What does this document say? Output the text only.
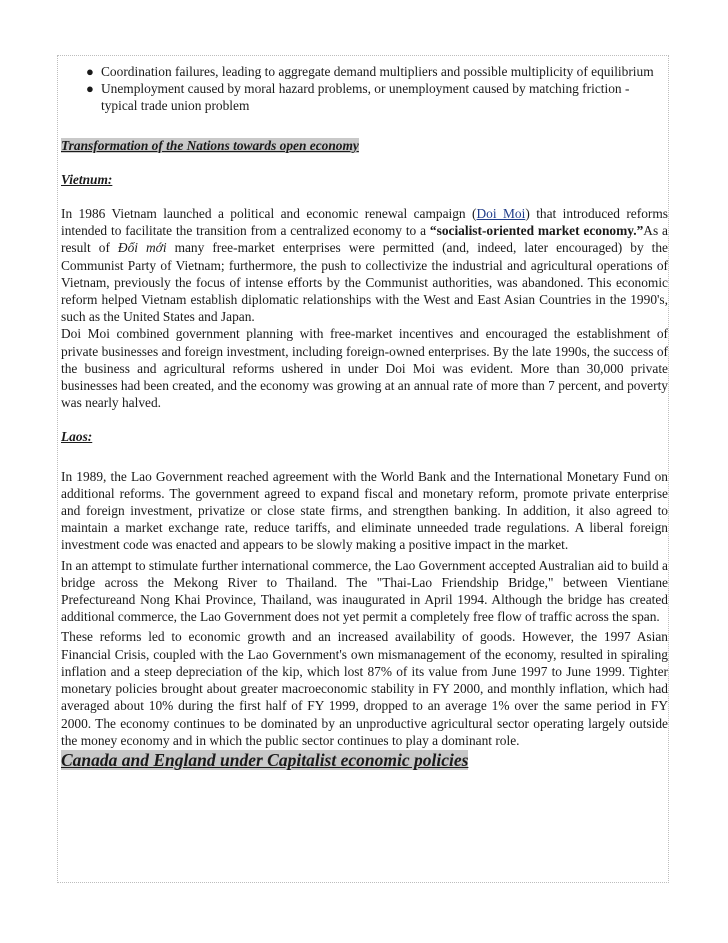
● Coordination failures, leading to aggregate demand multipliers and possible multiplicity of equilibrium
● Unemployment caused by moral hazard problems, or unemployment caused by matching friction - typical trade union problem

Transformation of the Nations towards open economy

Vietnum:

In 1986 Vietnam launched a political and economic renewal campaign (Doi Moi) that introduced reforms intended to facilitate the transition from a centralized economy to a “socialist-oriented market economy.”As a result of Đổi mới many free-market enterprises were permitted (and, indeed, later encouraged) by the Communist Party of Vietnam; furthermore, the push to collectivize the industrial and agricultural operations of Vietnam, previously the focus of intense efforts by the Communist authorities, was abandoned. This economic reform helped Vietnam establish diplomatic relationships with the West and East Asian Countries in the 1990's, such as the United States and Japan.

Doi Moi combined government planning with free-market incentives and encouraged the establishment of private businesses and foreign investment, including foreign-owned enterprises. By the late 1990s, the success of the business and agricultural reforms ushered in under Doi Moi was evident. More than 30,000 private businesses had been created, and the economy was growing at an annual rate of more than 7 percent, and poverty was nearly halved.

Laos:

In 1989, the Lao Government reached agreement with the World Bank and the International Monetary Fund on additional reforms. The government agreed to expand fiscal and monetary reform, promote private enterprise and foreign investment, privatize or close state firms, and strengthen banking. In addition, it also agreed to maintain a market exchange rate, reduce tariffs, and eliminate unneeded trade regulations. A liberal foreign investment code was enacted and appears to be slowly making a positive impact in the market.

In an attempt to stimulate further international commerce, the Lao Government accepted Australian aid to build a bridge across the Mekong River to Thailand. The "Thai-Lao Friendship Bridge," between Vientiane Prefectureand Nong Khai Province, Thailand, was inaugurated in April 1994. Although the bridge has created additional commerce, the Lao Government does not yet permit a completely free flow of traffic across the span.

These reforms led to economic growth and an increased availability of goods. However, the 1997 Asian Financial Crisis, coupled with the Lao Government's own mismanagement of the economy, resulted in spiraling inflation and a steep depreciation of the kip, which lost 87% of its value from June 1997 to June 1999. Tighter monetary policies brought about greater macroeconomic stability in FY 2000, and monthly inflation, which had averaged about 10% during the first half of FY 1999, dropped to an average 1% over the same period in FY 2000. The economy continues to be dominated by an unproductive agricultural sector operating largely outside the money economy and in which the public sector continues to play a dominant role.

Canada and England under Capitalist economic policies
